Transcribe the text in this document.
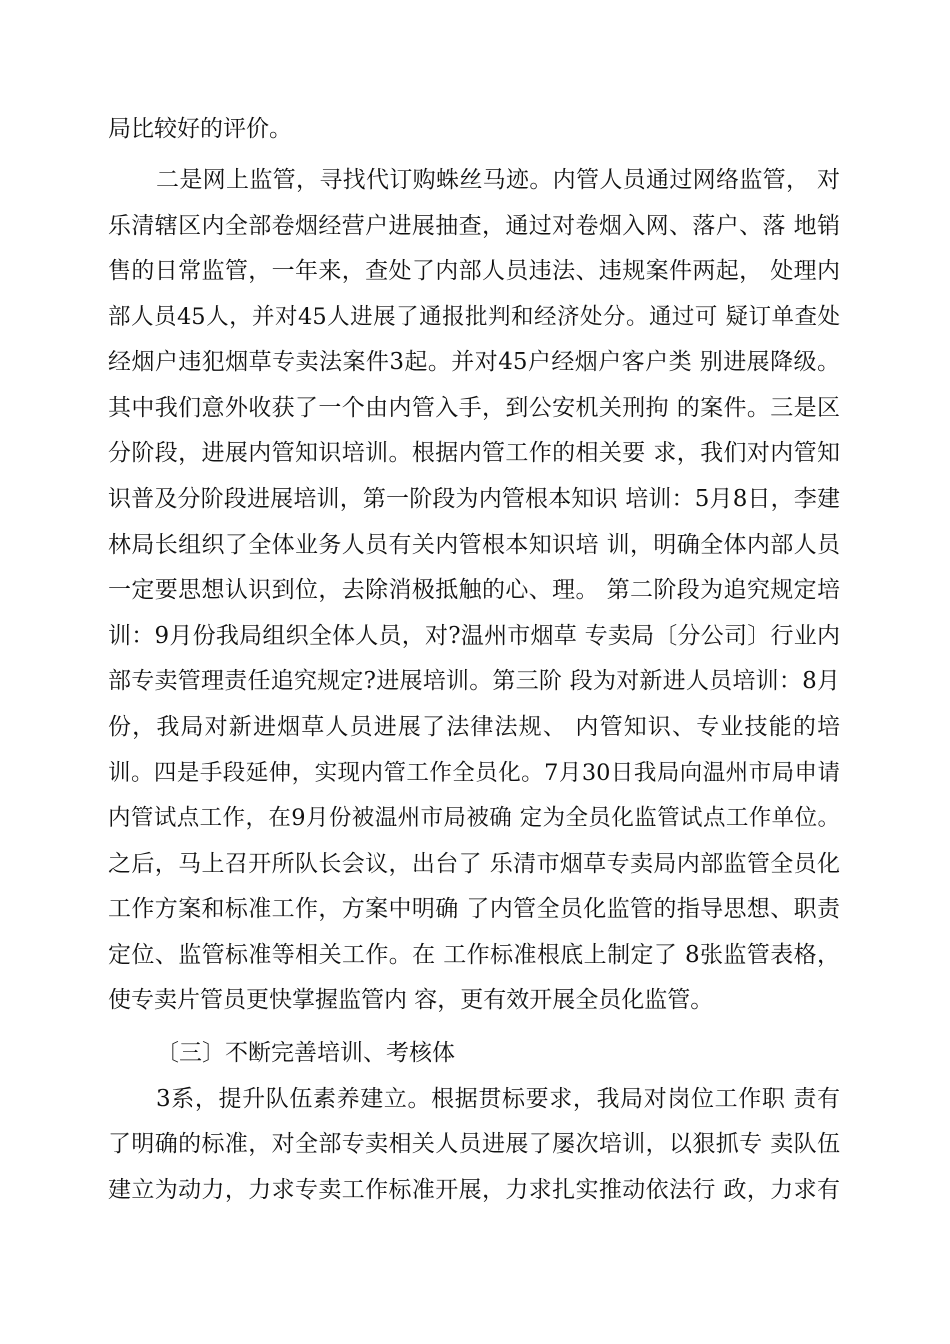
局比较好的评价。

二是网上监管，寻找代订购蛛丝马迹。内管人员通过网络监管， 对

乐清辖区内全部卷烟经营户进展抽查，通过对卷烟入网、落户、落 地销

售的日常监管，一年来，查处了内部人员违法、违规案件两起， 处理内

部人员45人，并对45人进展了通报批判和经济处分。通过可 疑订单查处

经烟户违犯烟草专卖法案件3起。并对45户经烟户客户类 别进展降级。

其中我们意外收获了一个由内管入手，到公安机关刑拘 的案件。三是区

分阶段，进展内管知识培训。根据内管工作的相关要 求，我们对内管知

识普及分阶段进展培训，第一阶段为内管根本知识 培训：5月8日，李建

林局长组织了全体业务人员有关内管根本知识培 训，明确全体内部人员

一定要思想认识到位，去除消极抵触的心、理。 第二阶段为追究规定培

训：9月份我局组织全体人员，对?温州市烟草 专卖局〔分公司〕行业内

部专卖管理责任追究规定?进展培训。第三阶 段为对新进人员培训：8月

份，我局对新进烟草人员进展了法律法规、 内管知识、专业技能的培

训。四是手段延伸，实现内管工作全员化。7月30日我局向温州市局申请

内管试点工作，在9月份被温州市局被确 定为全员化监管试点工作单位。

之后，马上召开所队长会议，出台了 乐清市烟草专卖局内部监管全员化

工作方案和标准工作，方案中明确 了内管全员化监管的指导思想、职责

定位、监管标准等相关工作。在 工作标准根底上制定了 8张监管表格，

使专卖片管员更快掌握监管内 容，更有效开展全员化监管。

〔三〕不断完善培训、考核体

3系，提升队伍素养建立。根据贯标要求，我局对岗位工作职 责有

了明确的标准，对全部专卖相关人员进展了屡次培训，以狠抓专 卖队伍

建立为动力，力求专卖工作标准开展，力求扎实推动依法行 政，力求有
